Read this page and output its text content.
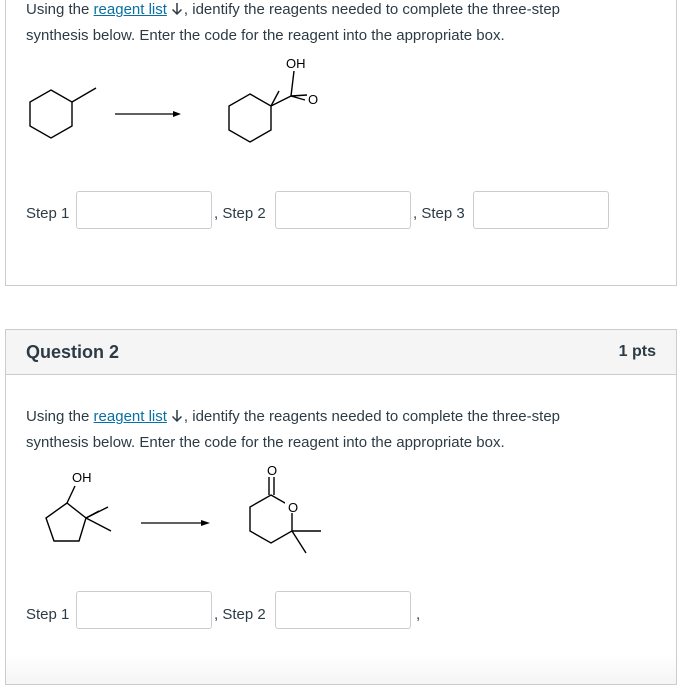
Using the reagent list , identify the reagents needed to complete the three-step synthesis below. Enter the code for the reagent into the appropriate box.
OH
O
Step 1	, Step 2	, Step 3
Question 2	1 pts
Using the reagent list , identify the reagents needed to complete the three-step synthesis below. Enter the code for the reagent into the appropriate box.
OH	O
O
Step 1	, Step 2	,
